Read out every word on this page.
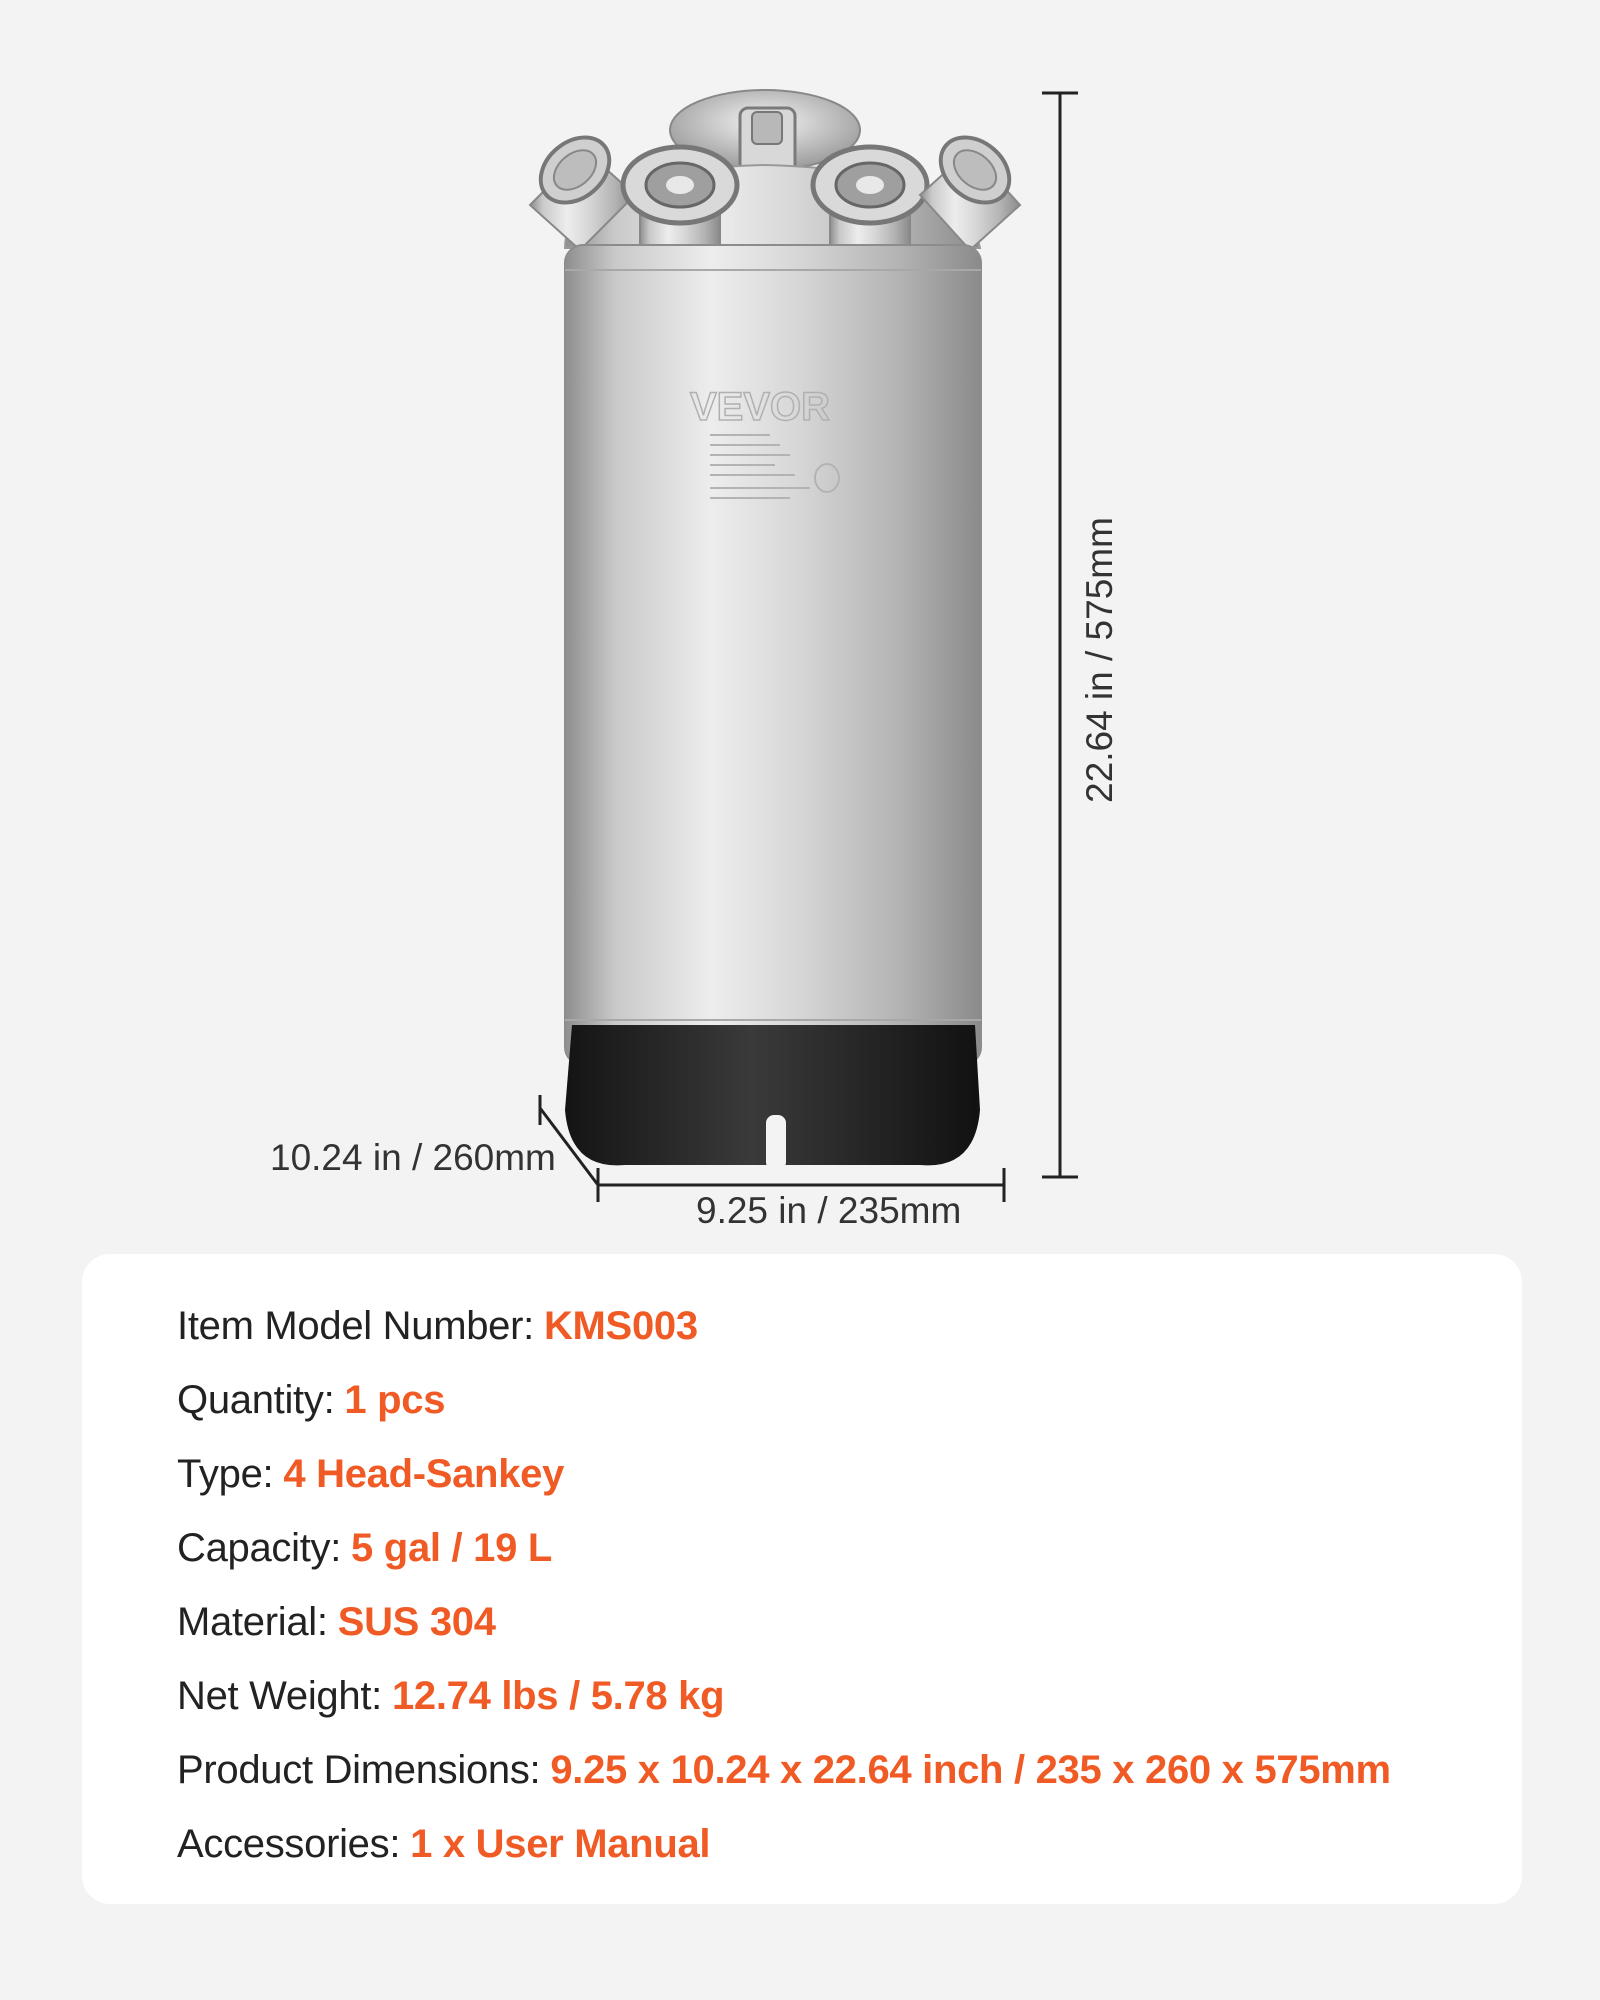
VEVOR
22.64 in / 575mm
10.24 in / 260mm
9.25 in / 235mm
Item Model Number: KMS003
Quantity: 1 pcs
Type: 4 Head-Sankey
Capacity: 5 gal / 19 L
Material: SUS 304
Net Weight: 12.74 lbs / 5.78 kg
Product Dimensions: 9.25 x 10.24 x 22.64 inch / 235 x 260 x 575mm
Accessories: 1 x User Manual
